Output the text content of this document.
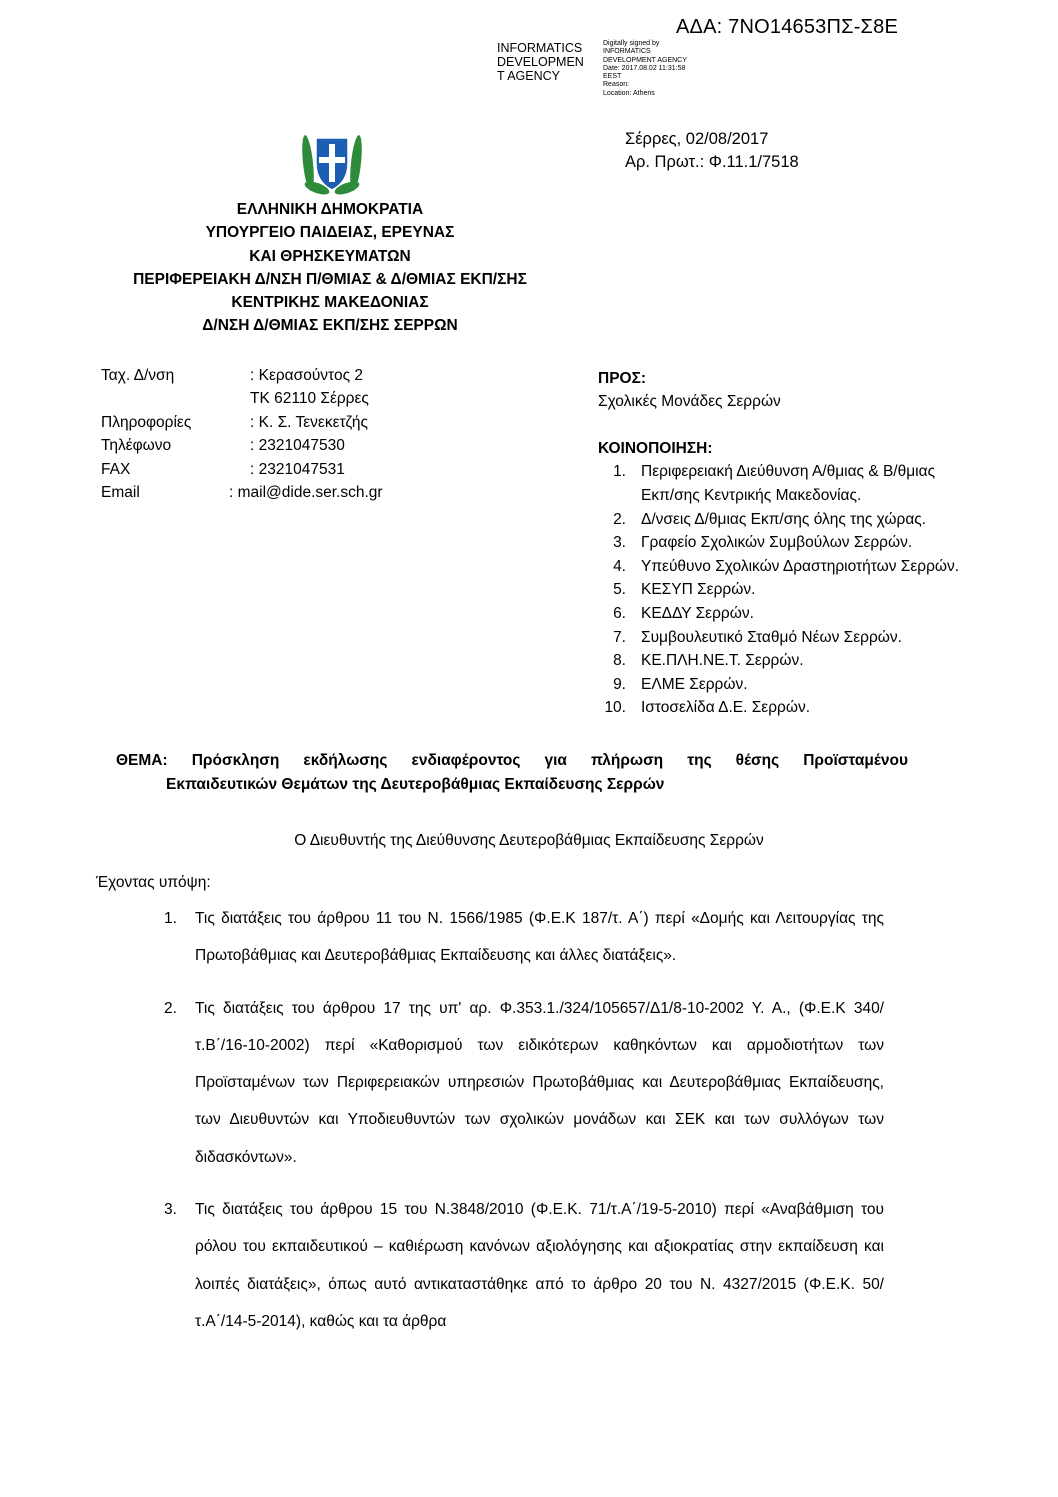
ΑΔΑ: 7ΝΟ14653ΠΣ-Σ8Ε
INFORMATICS
DEVELOPMEN
T AGENCY
Digitally signed by
INFORMATICS
DEVELOPMENT AGENCY
Date: 2017.08.02 11:31:58
EEST
Reason:
Location: Athens
Σέρρες, 02/08/2017
Αρ. Πρωτ.: Φ.11.1/7518
ΕΛΛΗΝΙΚΗ ΔΗΜΟΚΡΑΤΙΑ
ΥΠΟΥΡΓΕΙΟ ΠΑΙΔΕΙΑΣ, ΕΡΕΥΝΑΣ
ΚΑΙ ΘΡΗΣΚΕΥΜΑΤΩΝ
ΠΕΡΙΦΕΡΕΙΑΚΗ Δ/ΝΣΗ Π/ΘΜΙΑΣ & Δ/ΘΜΙΑΣ ΕΚΠ/ΣΗΣ
ΚΕΝΤΡΙΚΗΣ ΜΑΚΕΔΟΝΙΑΣ
Δ/ΝΣΗ Δ/ΘΜΙΑΣ ΕΚΠ/ΣΗΣ ΣΕΡΡΩΝ
Ταχ. Δ/νση	: Κερασούντος 2
ΤΚ 62110 Σέρρες
Πληροφορίες	: Κ. Σ. Τενεκετζής
Τηλέφωνο	: 2321047530
FAX	: 2321047531
Email	: mail@dide.ser.sch.gr
ΠΡΟΣ:
Σχολικές Μονάδες Σερρών
ΚΟΙΝΟΠΟΙΗΣΗ:
1. Περιφερειακή Διεύθυνση Α/θμιας & Β/θμιας
Εκπ/σης Κεντρικής Μακεδονίας.
2. Δ/νσεις Δ/θμιας Εκπ/σης όλης της χώρας.
3. Γραφείο Σχολικών Συμβούλων Σερρών.
4. Υπεύθυνο Σχολικών Δραστηριοτήτων Σερρών.
5. ΚΕΣΥΠ Σερρών.
6. ΚΕΔΔΥ Σερρών.
7. Συμβουλευτικό Σταθμό Νέων Σερρών.
8. ΚΕ.ΠΛΗ.ΝΕ.Τ. Σερρών.
9. ΕΛΜΕ Σερρών.
10. Ιστοσελίδα Δ.Ε. Σερρών.
ΘΕΜΑ: Πρόσκληση εκδήλωσης ενδιαφέροντος για πλήρωση της θέσης Προϊσταμένου
Εκπαιδευτικών Θεμάτων της Δευτεροβάθμιας Εκπαίδευσης Σερρών
Ο Διευθυντής της Διεύθυνσης Δευτεροβάθμιας Εκπαίδευσης Σερρών
Έχοντας υπόψη:
1. Τις διατάξεις του άρθρου 11 του Ν. 1566/1985 (Φ.Ε.Κ 187/τ. Α΄) περί «Δομής και Λειτουργίας της Πρωτοβάθμιας και Δευτεροβάθμιας Εκπαίδευσης και άλλες διατάξεις».
2. Τις διατάξεις του άρθρου 17 της υπ' αρ. Φ.353.1./324/105657/Δ1/8-10-2002 Υ. Α., (Φ.Ε.Κ 340/τ.Β΄/16-10-2002) περί «Καθορισμού των ειδικότερων καθηκόντων και αρμοδιοτήτων των Προϊσταμένων των Περιφερειακών υπηρεσιών Πρωτοβάθμιας και Δευτεροβάθμιας Εκπαίδευσης, των Διευθυντών και Υποδιευθυντών των σχολικών μονάδων και ΣΕΚ και των συλλόγων των διδασκόντων».
3. Τις διατάξεις του άρθρου 15 του Ν.3848/2010 (Φ.Ε.Κ. 71/τ.Α΄/19-5-2010) περί «Αναβάθμιση του ρόλου του εκπαιδευτικού – καθιέρωση κανόνων αξιολόγησης και αξιοκρατίας στην εκπαίδευση και λοιπές διατάξεις», όπως αυτό αντικαταστάθηκε από το άρθρο 20 του Ν. 4327/2015 (Φ.Ε.Κ. 50/τ.Α΄/14-5-2014), καθώς και τα άρθρα
